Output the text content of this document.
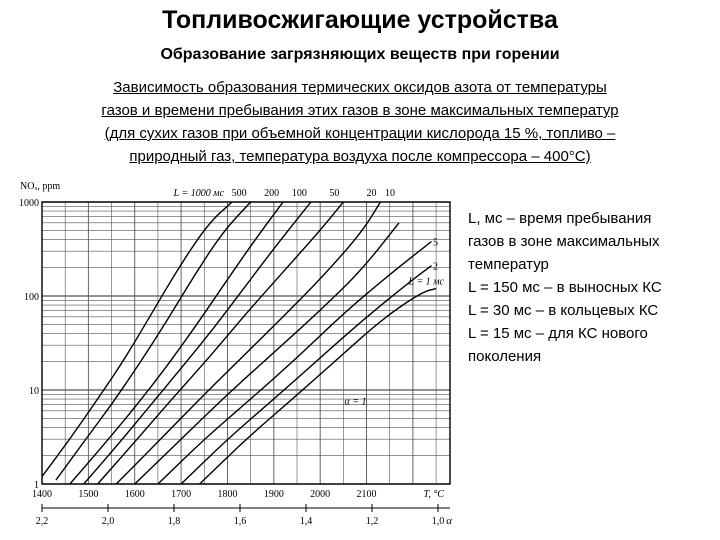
Топливосжигающие устройства
Образование загрязняющих веществ при горении
Зависимость образования термических оксидов азота от температуры
газов и времени пребывания этих газов в зоне максимальных температур
(для сухих газов при объемной концентрации кислорода 15 %, топливо –
природный газ, температура воздуха после компрессора – 400°C)
1
10
100
1000
1400	1500	1600	1700	1800	1900	2000	2100
NOₓ, ppm
T, °C
2,2	2,0	1,8	1,6	1,4	1,2	1,0 α
L = 1000 мс 500 200 100 50	20 10
5
2
L = 1 мс
α = 1
L, мс – время пребывания
газов в зоне максимальных
температур
L = 150 мс – в выносных КС
L = 30 мс – в кольцевых КС
L = 15 мс – для КС нового
поколения
